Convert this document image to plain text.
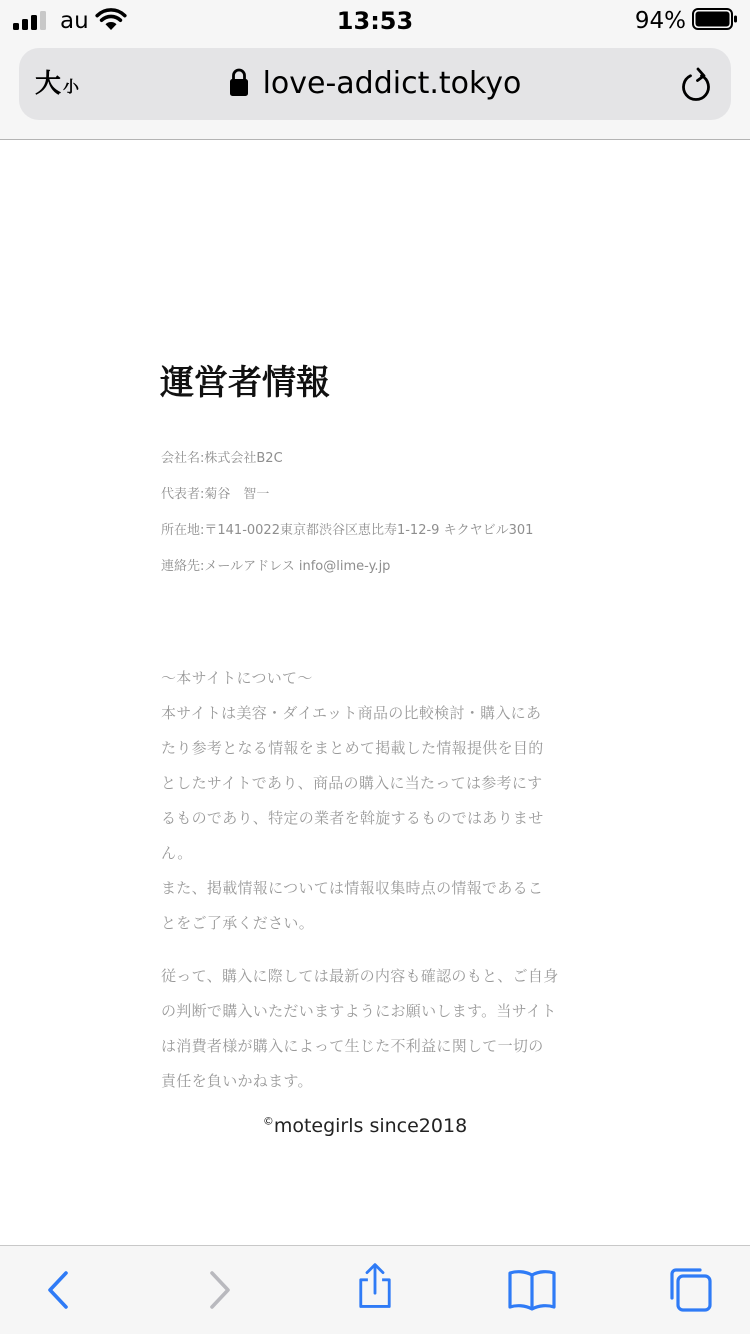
au	13:53	94%
大小	love-addict.tokyo
運営者情報
会社名:株式会社B2C
代表者:菊谷　智一
所在地:〒141-0022東京都渋谷区恵比寿1-12-9 キクヤビル301
連絡先:メールアドレス info@lime-y.jp

〜本サイトについて〜

本サイトは美容・ダイエット商品の比較検討・購入にあ

たり参考となる情報をまとめて掲載した情報提供を目的

としたサイトであり、商品の購入に当たっては参考にす

るものであり、特定の業者を斡旋するものではありませ

ん。

また、掲載情報については情報収集時点の情報であるこ

とをご了承ください。

従って、購入に際しては最新の内容も確認のもと、ご自身

の判断で購入いただいますようにお願いします。当サイト

は消費者様が購入によって生じた不利益に関して一切の

責任を負いかねます。

©motegirls since2018
